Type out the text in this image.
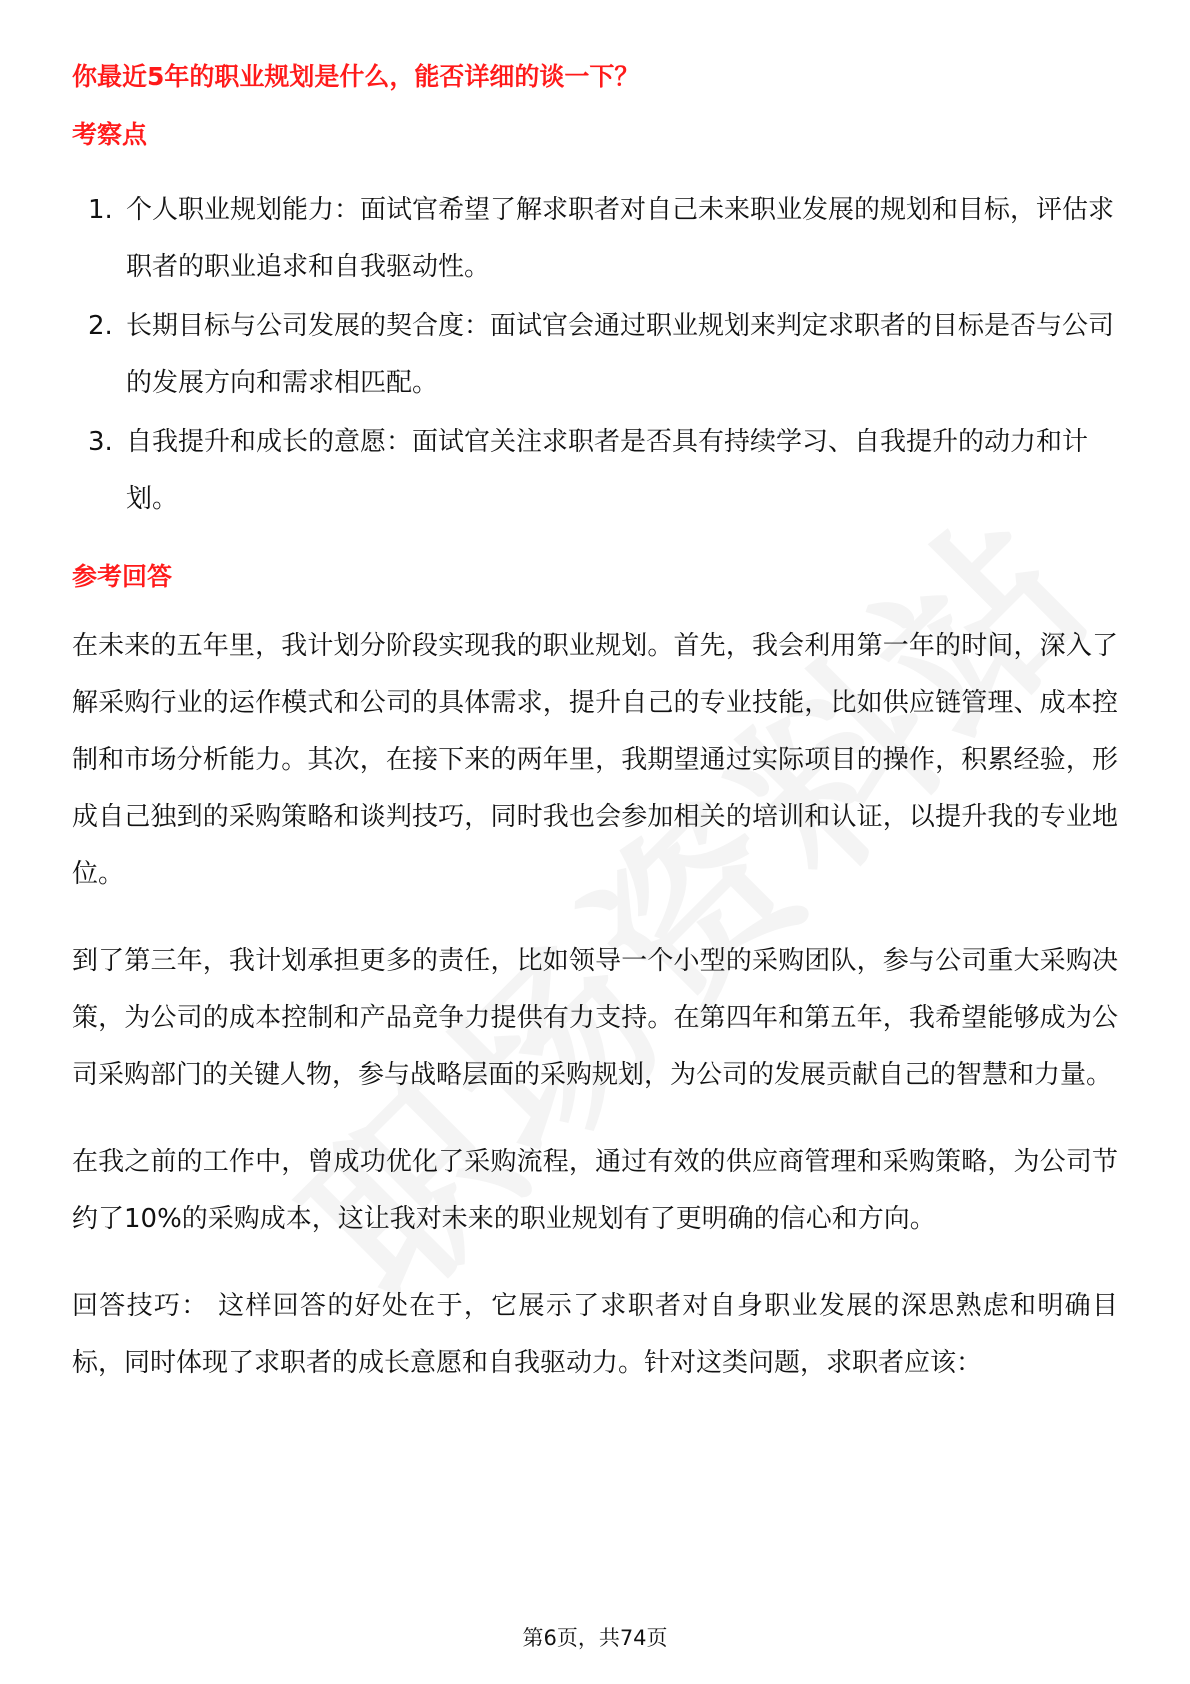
你最近5年的职业规划是什么，能否详细的谈一下？
考察点
1. 个人职业规划能力：面试官希望了解求职者对自己未来职业发展的规划和目标，评估求职者的职业追求和自我驱动性。
2. 长期目标与公司发展的契合度：面试官会通过职业规划来判定求职者的目标是否与公司的发展方向和需求相匹配。
3. 自我提升和成长的意愿：面试官关注求职者是否具有持续学习、自我提升的动力和计划。
参考回答

在未来的五年里，我计划分阶段实现我的职业规划。首先，我会利用第一年的时间，深入了解采购行业的运作模式和公司的具体需求，提升自己的专业技能，比如供应链管理、成本控制和市场分析能力。其次，在接下来的两年里，我期望通过实际项目的操作，积累经验，形成自己独到的采购策略和谈判技巧，同时我也会参加相关的培训和认证，以提升我的专业地位。

到了第三年，我计划承担更多的责任，比如领导一个小型的采购团队，参与公司重大采购决策，为公司的成本控制和产品竞争力提供有力支持。在第四年和第五年，我希望能够成为公司采购部门的关键人物，参与战略层面的采购规划，为公司的发展贡献自己的智慧和力量。

在我之前的工作中，曾成功优化了采购流程，通过有效的供应商管理和采购策略，为公司节约了10%的采购成本，这让我对未来的职业规划有了更明确的信心和方向。

回答技巧： 这样回答的好处在于，它展示了求职者对自身职业发展的深思熟虑和明确目标，同时体现了求职者的成长意愿和自我驱动力。针对这类问题，求职者应该：

第6页，共74页
